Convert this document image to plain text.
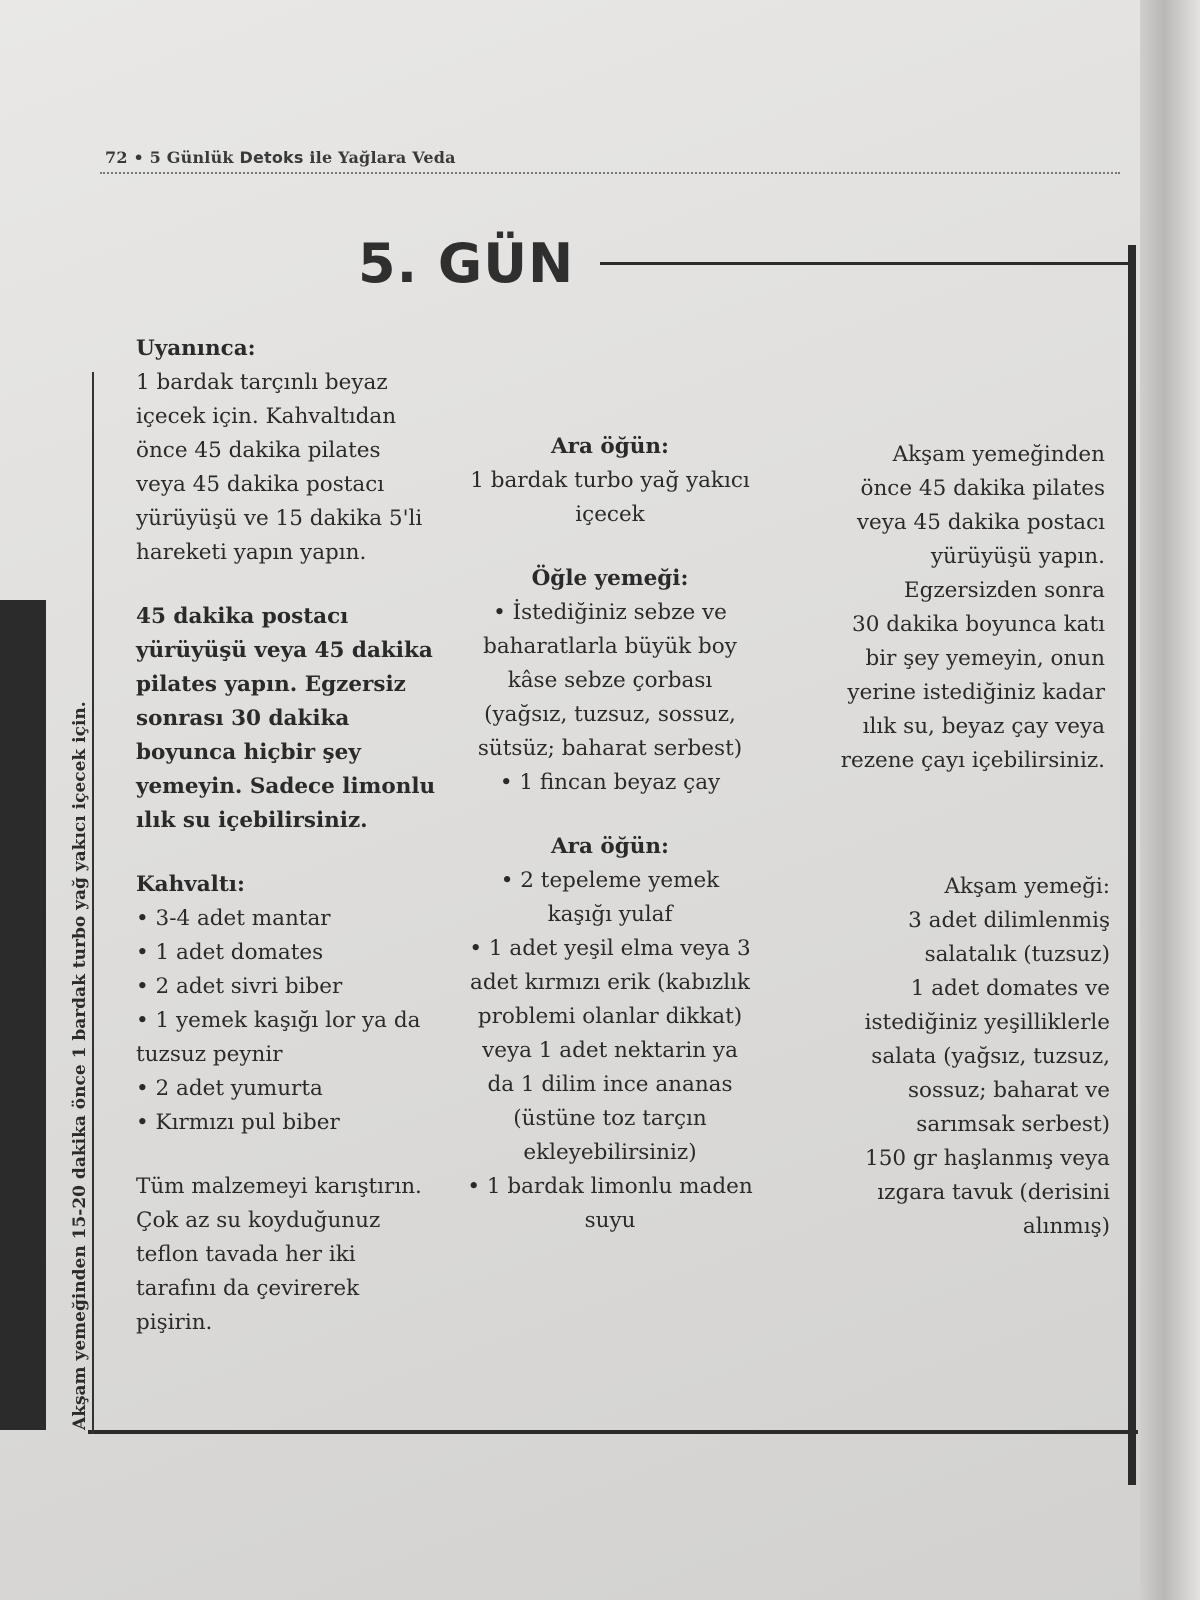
72 • 5 Günlük Detoks ile Yağlara Veda
5. GÜN
Akşam yemeğinden 15-20 dakika önce 1 bardak turbo yağ yakıcı içecek için.

Uyanınca:

1 bardak tarçınlı beyaz

içecek için. Kahvaltıdan

önce 45 dakika pilates

veya 45 dakika postacı

yürüyüşü ve 15 dakika 5'li

hareketi yapın yapın.

45 dakika postacı

yürüyüşü veya 45 dakika

pilates yapın. Egzersiz

sonrası 30 dakika

boyunca hiçbir şey

yemeyin. Sadece limonlu

ılık su içebilirsiniz.

Kahvaltı:

• 3-4 adet mantar

• 1 adet domates

• 2 adet sivri biber

• 1 yemek kaşığı lor ya da

tuzsuz peynir

• 2 adet yumurta

• Kırmızı pul biber

Tüm malzemeyi karıştırın.

Çok az su koyduğunuz

teflon tavada her iki

tarafını da çevirerek

pişirin.

Ara öğün:

1 bardak turbo yağ yakıcı

içecek

Öğle yemeği:

• İstediğiniz sebze ve

baharatlarla büyük boy

kâse sebze çorbası

(yağsız, tuzsuz, sossuz,

sütsüz; baharat serbest)

• 1 fincan beyaz çay

Ara öğün:

• 2 tepeleme yemek

kaşığı yulaf

• 1 adet yeşil elma veya 3

adet kırmızı erik (kabızlık

problemi olanlar dikkat)

veya 1 adet nektarin ya

da 1 dilim ince ananas

(üstüne toz tarçın

ekleyebilirsiniz)

• 1 bardak limonlu maden

suyu

Akşam yemeğinden

önce 45 dakika pilates

veya 45 dakika postacı

yürüyüşü yapın.

Egzersizden sonra

30 dakika boyunca katı

bir şey yemeyin, onun

yerine istediğiniz kadar

ılık su, beyaz çay veya

rezene çayı içebilirsiniz.

Akşam yemeği:

3 adet dilimlenmiş

salatalık (tuzsuz)

1 adet domates ve

istediğiniz yeşilliklerle

salata (yağsız, tuzsuz,

sossuz; baharat ve

sarımsak serbest)

150 gr haşlanmış veya

ızgara tavuk (derisini

alınmış)
